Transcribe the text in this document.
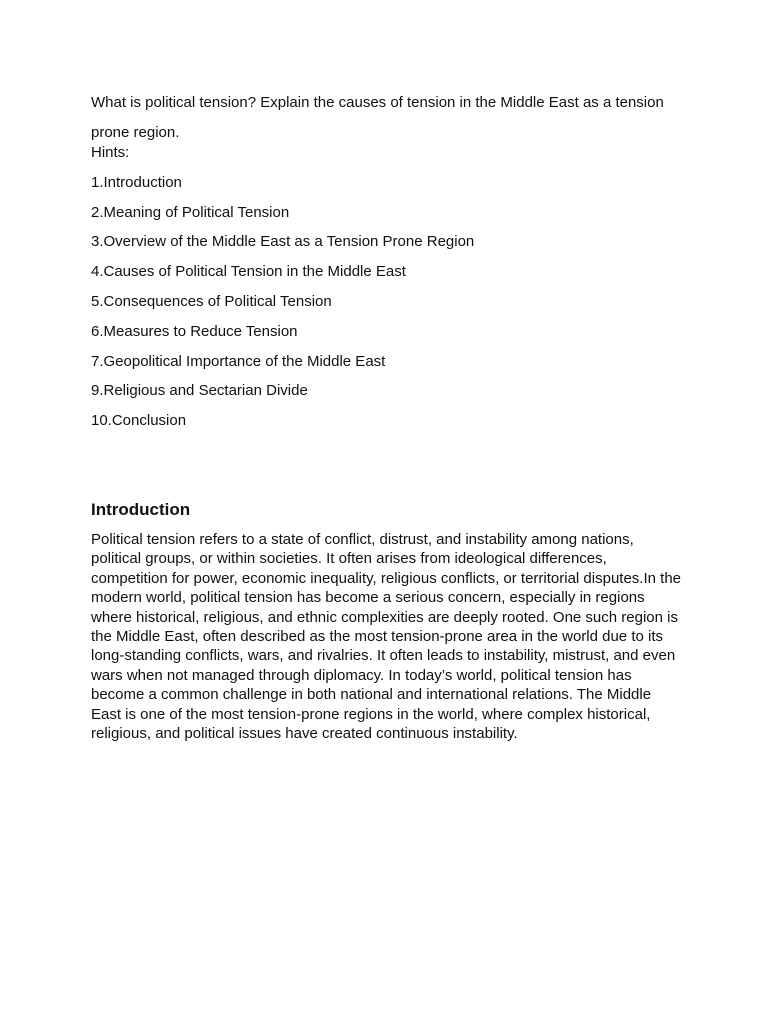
What is political tension? Explain the causes of tension in the Middle East as a tension

prone region.

Hints:

1.Introduction

2.Meaning of Political Tension

3.Overview of the Middle East as a Tension Prone Region

4.Causes of Political Tension in the Middle East

5.Consequences of Political Tension

6.Measures to Reduce Tension

7.Geopolitical Importance of the Middle East

9.Religious and Sectarian Divide

10.Conclusion

Introduction

Political tension refers to a state of conflict, distrust, and instability among nations, political groups, or within societies. It often arises from ideological differences, competition for power, economic inequality, religious conflicts, or territorial disputes.In the modern world, political tension has become a serious concern, especially in regions where historical, religious, and ethnic complexities are deeply rooted. One such region is the Middle East, often described as the most tension-prone area in the world due to its long-standing conflicts, wars, and rivalries. It often leads to instability, mistrust, and even wars when not managed through diplomacy. In today’s world, political tension has become a common challenge in both national and international relations. The Middle East is one of the most tension-prone regions in the world, where complex historical, religious, and political issues have created continuous instability.
